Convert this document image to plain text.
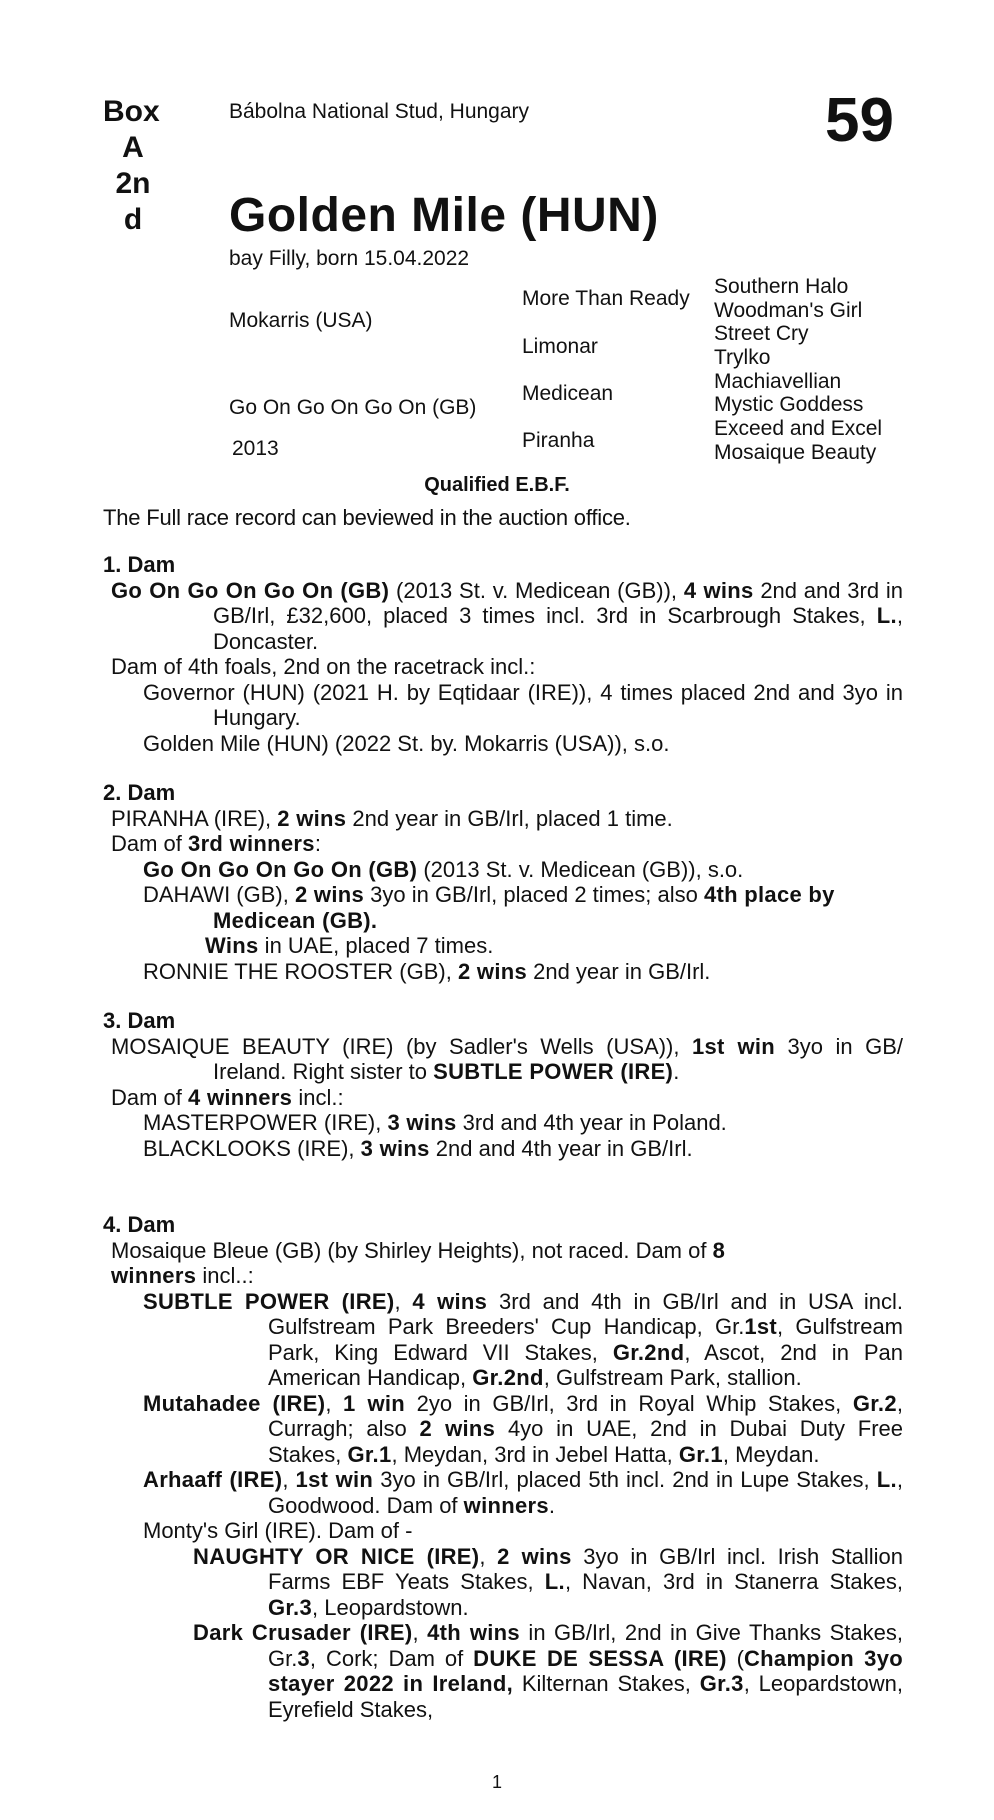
Box
A
2n
d
Bábolna National Stud, Hungary	59
Golden Mile (HUN)
bay Filly, born 15.04.2022
Mokarris (USA)
Go On Go On Go On (GB)
2013
More Than Ready
Limonar
Medicean
Piranha
Southern Halo
Woodman's Girl
Street Cry
Trylko
Machiavellian
Mystic Goddess
Exceed and Excel
Mosaique Beauty
Qualified E.B.F.
The Full race record can beviewed in the auction office.
1. Dam
Go On Go On Go On (GB) (2013 St. v. Medicean (GB)), 4 wins 2nd and 3rd in GB/Irl, £32,600, placed 3 times incl. 3rd in Scarbrough Stakes, L., Doncaster.
Dam of 4th foals, 2nd on the racetrack incl.:
Governor (HUN) (2021 H. by Eqtidaar (IRE)), 4 times placed 2nd and 3yo in Hungary.
Golden Mile (HUN) (2022 St. by. Mokarris (USA)), s.o.
2. Dam
PIRANHA (IRE), 2 wins 2nd year in GB/Irl, placed 1 time.
Dam of 3rd winners:
Go On Go On Go On (GB) (2013 St. v. Medicean (GB)), s.o.
DAHAWI (GB), 2 wins 3yo in GB/Irl, placed 2 times; also 4th place by Medicean (GB).
Wins in UAE, placed 7 times.
RONNIE THE ROOSTER (GB), 2 wins 2nd year in GB/Irl.
3. Dam
MOSAIQUE BEAUTY (IRE) (by Sadler's Wells (USA)), 1st win 3yo in GB/ Ireland. Right sister to SUBTLE POWER (IRE).
Dam of 4 winners incl.:
MASTERPOWER (IRE), 3 wins 3rd and 4th year in Poland. BLACKLOOKS (IRE), 3 wins 2nd and 4th year in GB/Irl.
4. Dam
Mosaique Bleue (GB) (by Shirley Heights), not raced. Dam of 8 winners incl..:
SUBTLE POWER (IRE), 4 wins 3rd and 4th in GB/Irl and in USA incl. Gulfstream Park Breeders' Cup Handicap, Gr.1st, Gulfstream Park, King Edward VII Stakes, Gr.2nd, Ascot, 2nd in Pan American Handicap, Gr.2nd, Gulfstream Park, stallion.
Mutahadee (IRE), 1 win 2yo in GB/Irl, 3rd in Royal Whip Stakes, Gr.2, Curragh; also 2 wins 4yo in UAE, 2nd in Dubai Duty Free Stakes, Gr.1, Meydan, 3rd in Jebel Hatta, Gr.1, Meydan.
Arhaaff (IRE), 1st win 3yo in GB/Irl, placed 5th incl. 2nd in Lupe Stakes, L., Goodwood. Dam of winners.
Monty's Girl (IRE). Dam of -
NAUGHTY OR NICE (IRE), 2 wins 3yo in GB/Irl incl. Irish Stallion Farms EBF Yeats Stakes, L., Navan, 3rd in Stanerra Stakes, Gr.3, Leopardstown.
Dark Crusader (IRE), 4th wins in GB/Irl, 2nd in Give Thanks Stakes, Gr.3, Cork; Dam of DUKE DE SESSA (IRE) (Champion 3yo stayer 2022 in Ireland, Kilternan Stakes, Gr.3, Leopardstown, Eyrefield Stakes,
1
